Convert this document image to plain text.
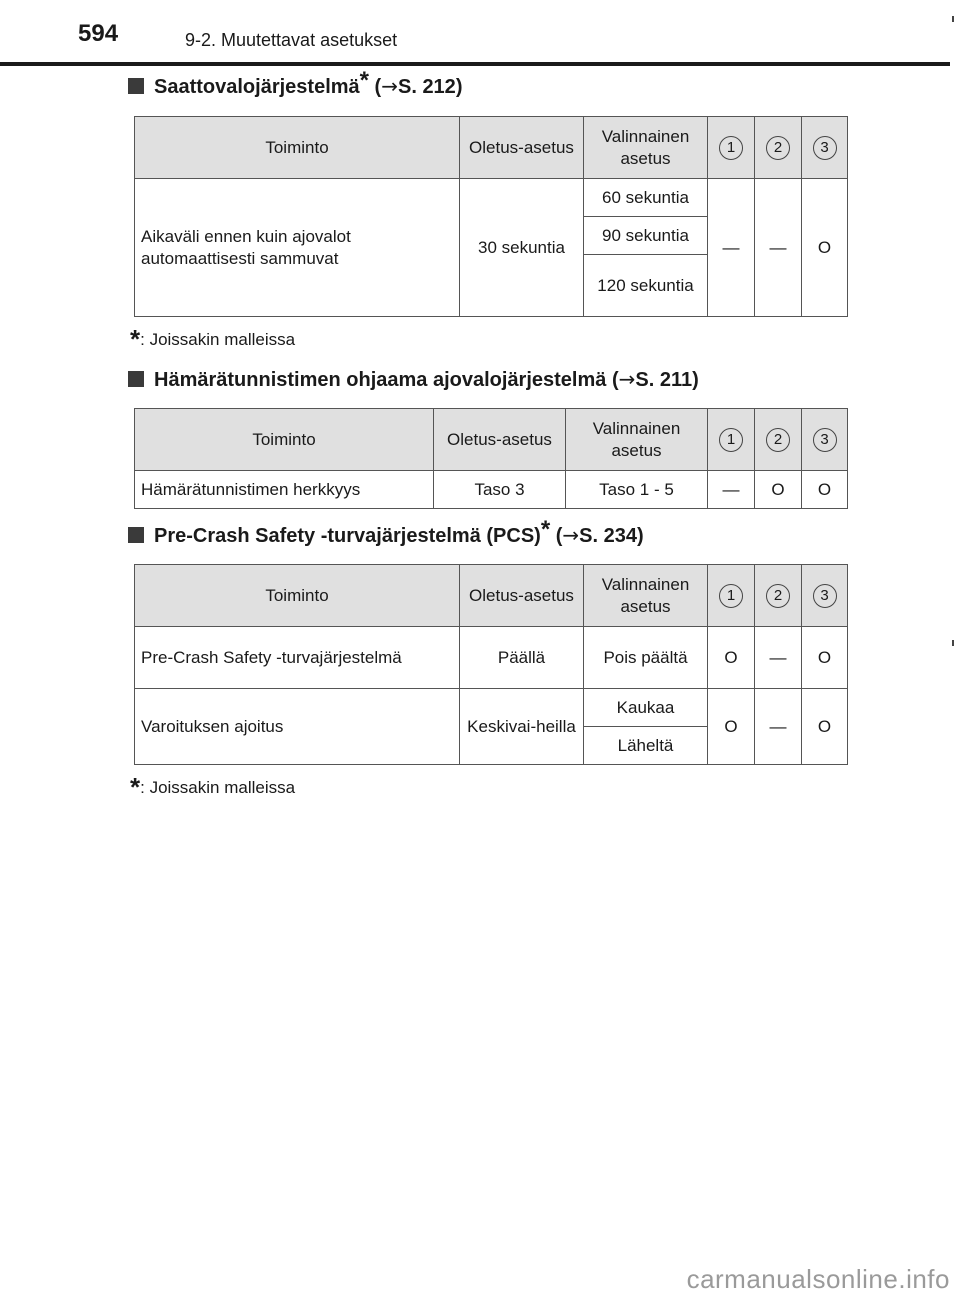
594	9-2. Muutettavat asetukset
Saattovalojärjestelmä* (→S. 212)
Toiminto	Oletus-asetus	Valinnainen asetus	1	2	3
Aikaväli ennen kuin ajovalot automaattisesti sammuvat	30 sekuntia	60 sekuntia	—	—	O
		90 sekuntia			
		120 sekuntia			
*: Joissakin malleissa
Hämärätunnistimen ohjaama ajovalojärjestelmä (→S. 211)
Toiminto	Oletus-asetus	Valinnainen asetus	1	2	3
Hämärätunnistimen herkkyys	Taso 3	Taso 1 - 5	—	O	O
Pre-Crash Safety -turvajärjestelmä (PCS)* (→S. 234)
Toiminto	Oletus-asetus	Valinnainen asetus	1	2	3
Pre-Crash Safety -turvajärjestelmä	Päällä	Pois päältä	O	—	O
Varoituksen ajoitus	Keskivai-heilla	Kaukaa	O	—	O
		Läheltä			
*: Joissakin malleissa
carmanualsonline.info
